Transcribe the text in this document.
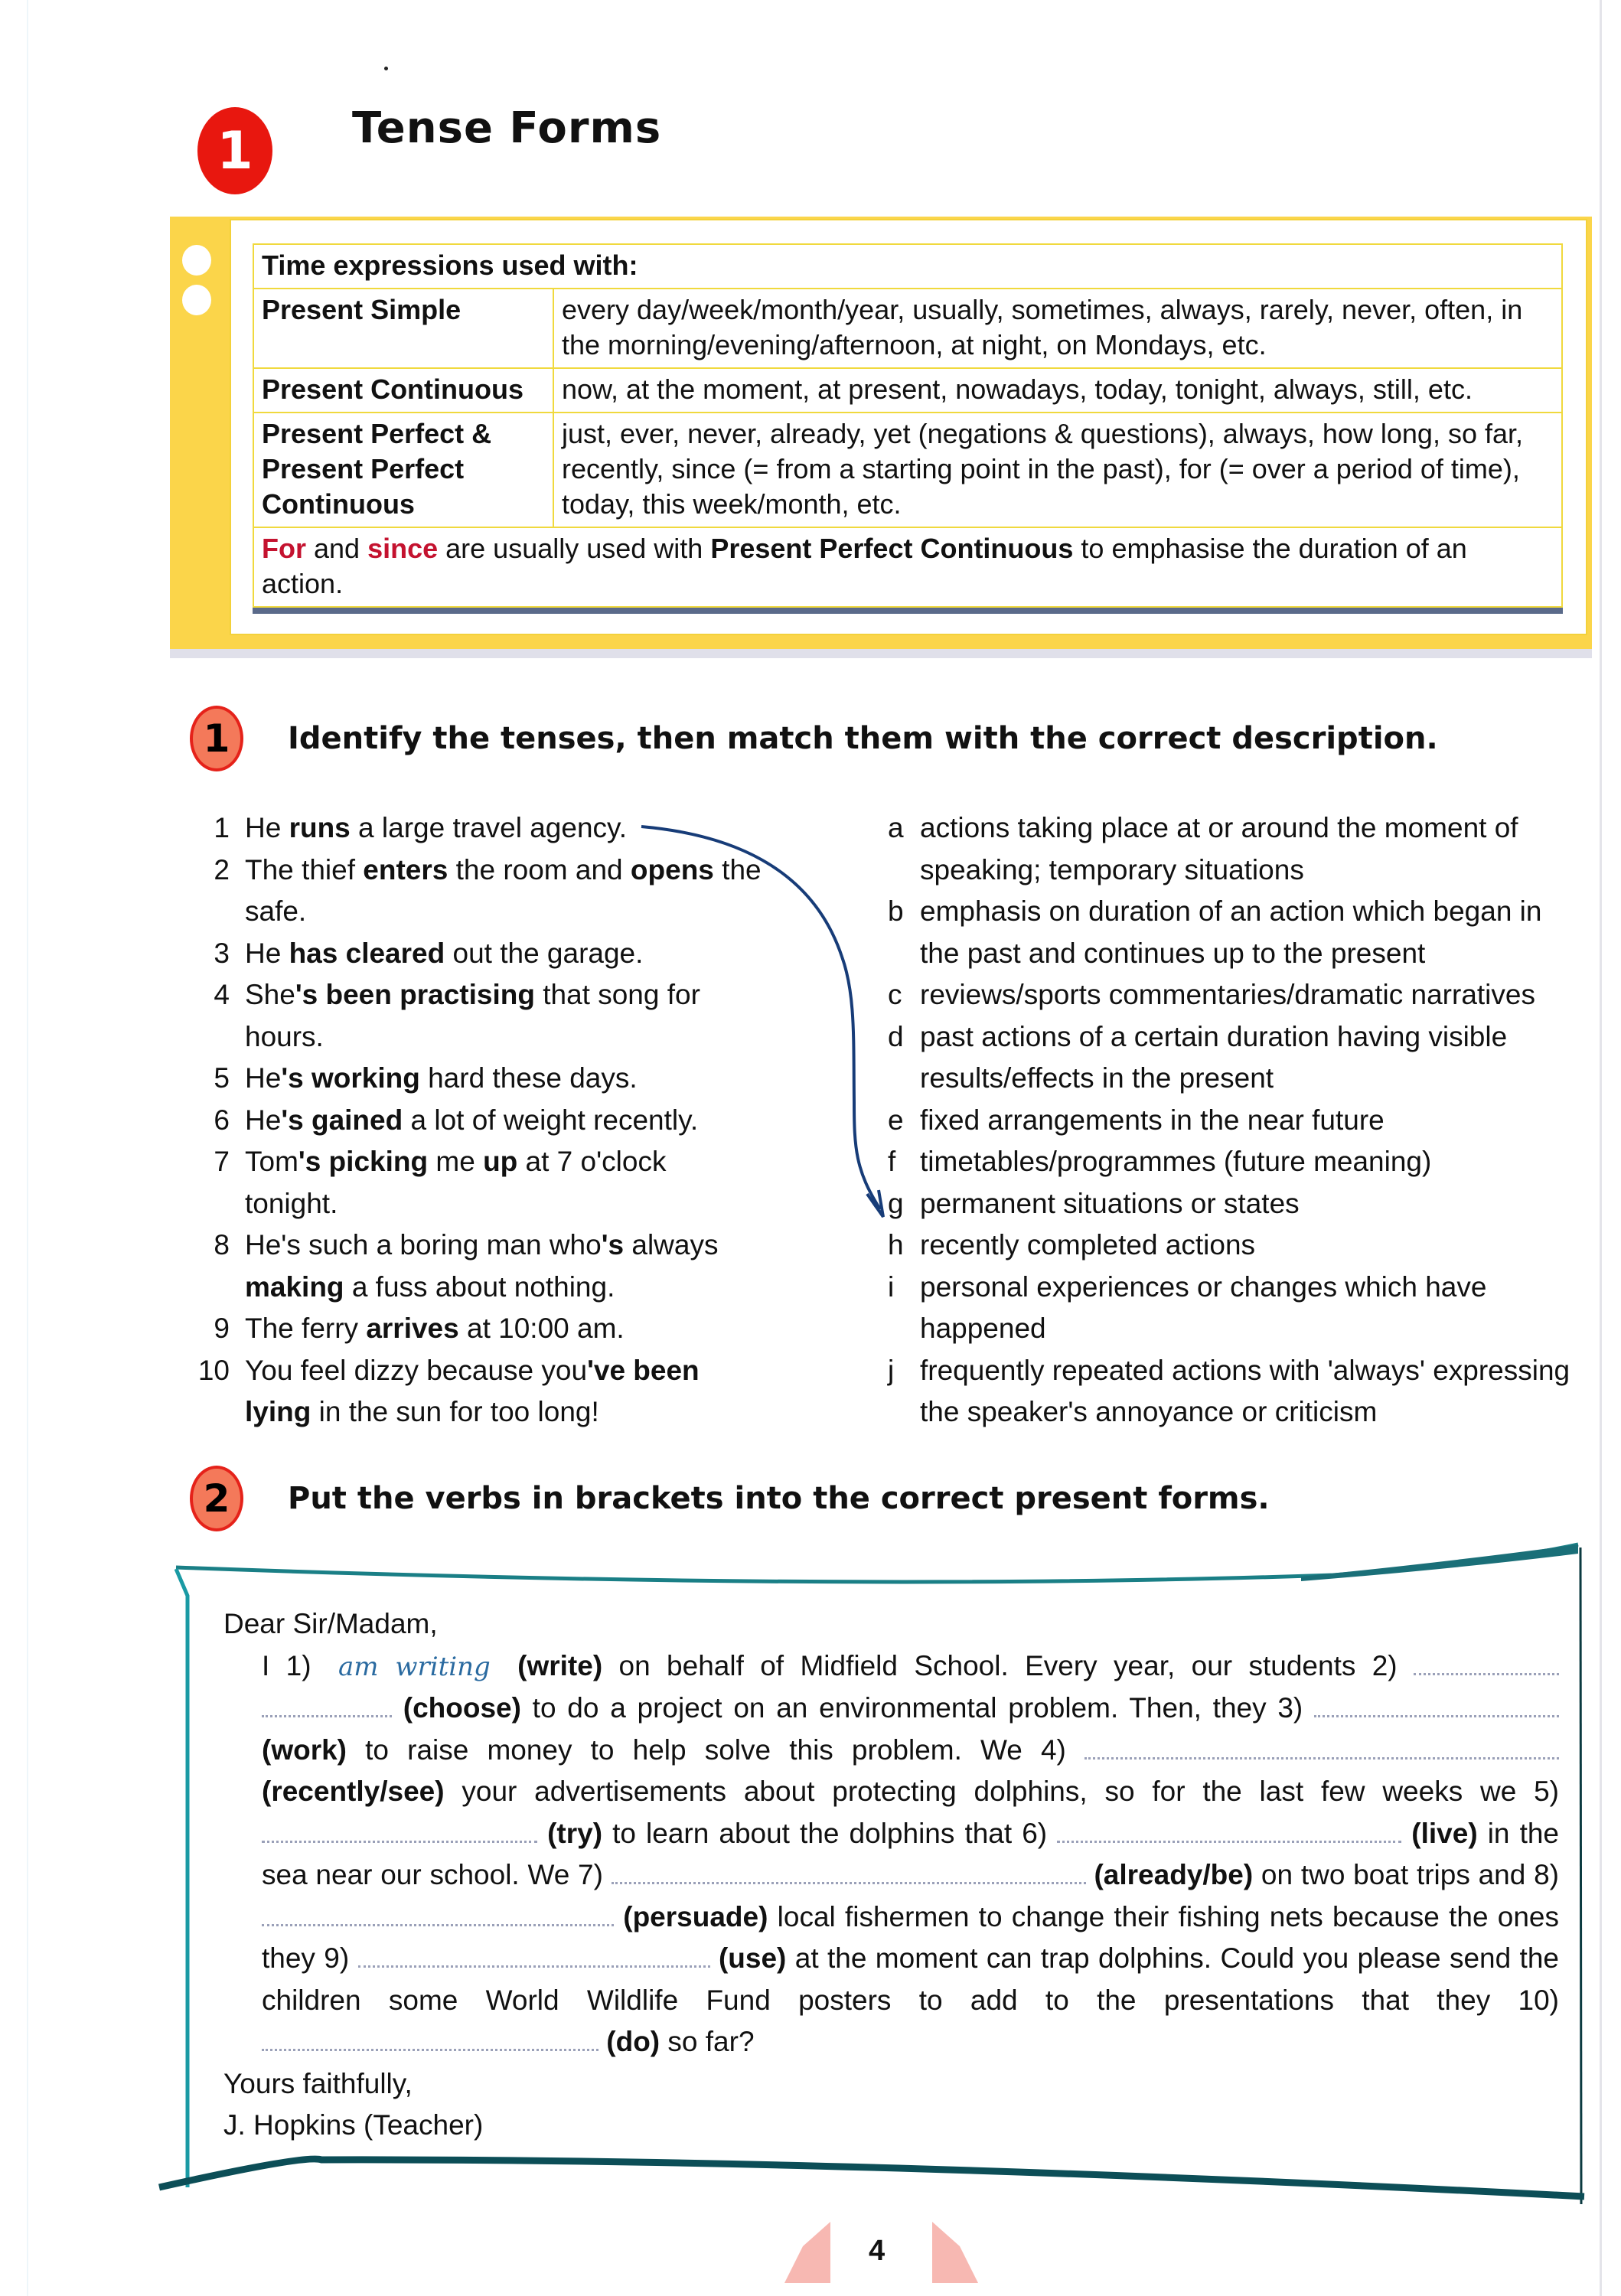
1 Tense Forms
Time expressions used with:	
Present Simple	every day/week/month/year, usually, sometimes, always, rarely, never, often, in the morning/evening/afternoon, at night, on Mondays, etc.
Present Continuous	now, at the moment, at present, nowadays, today, tonight, always, still, etc.
Present Perfect & Present Perfect Continuous	just, ever, never, already, yet (negations & questions), always, how long, so far, recently, since (= from a starting point in the past), for (= over a period of time), today, this week/month, etc.
For and since are usually used with Present Perfect Continuous to emphasise the duration of an action.	
1 Identify the tenses, then match them with the correct description.
1 He runs a large travel agency.
2 The thief enters the room and opens the safe.
3 He has cleared out the garage.
4 She's been practising that song for hours.
5 He's working hard these days.
6 He's gained a lot of weight recently.
7 Tom's picking me up at 7 o'clock tonight.
8 He's such a boring man who's always making a fuss about nothing.
9 The ferry arrives at 10:00 am.
10 You feel dizzy because you've been lying in the sun for too long!
a actions taking place at or around the moment of speaking; temporary situations
b emphasis on duration of an action which began in the past and continues up to the present
c reviews/sports commentaries/dramatic narratives
d past actions of a certain duration having visible results/effects in the present
e fixed arrangements in the near future
f timetables/programmes (future meaning)
g permanent situations or states
h recently completed actions
i personal experiences or changes which have happened
j frequently repeated actions with 'always' expressing the speaker's annoyance or criticism
2 Put the verbs in brackets into the correct present forms.

Dear Sir/Madam,

I 1) am writing (write) on behalf of Midfield School. Every year, our students 2)   (choose) to do a project on an environmental problem. Then, they 3)  (work) to raise money to help solve this problem. We 4)  (recently/see) your advertisements about protecting dolphins, so for the last few weeks we 5)  (try) to learn about the dolphins that 6)	(live) in the sea near our school. We 7)	(already/be) on two boat trips and 8)  (persuade) local fishermen to change their fishing nets because the ones they 9)	(use) at the moment can trap dolphins. Could you please send the children some World Wildlife Fund posters to add to the presentations that they 10)  (do) so far?

Yours faithfully,

J. Hopkins (Teacher)

4
